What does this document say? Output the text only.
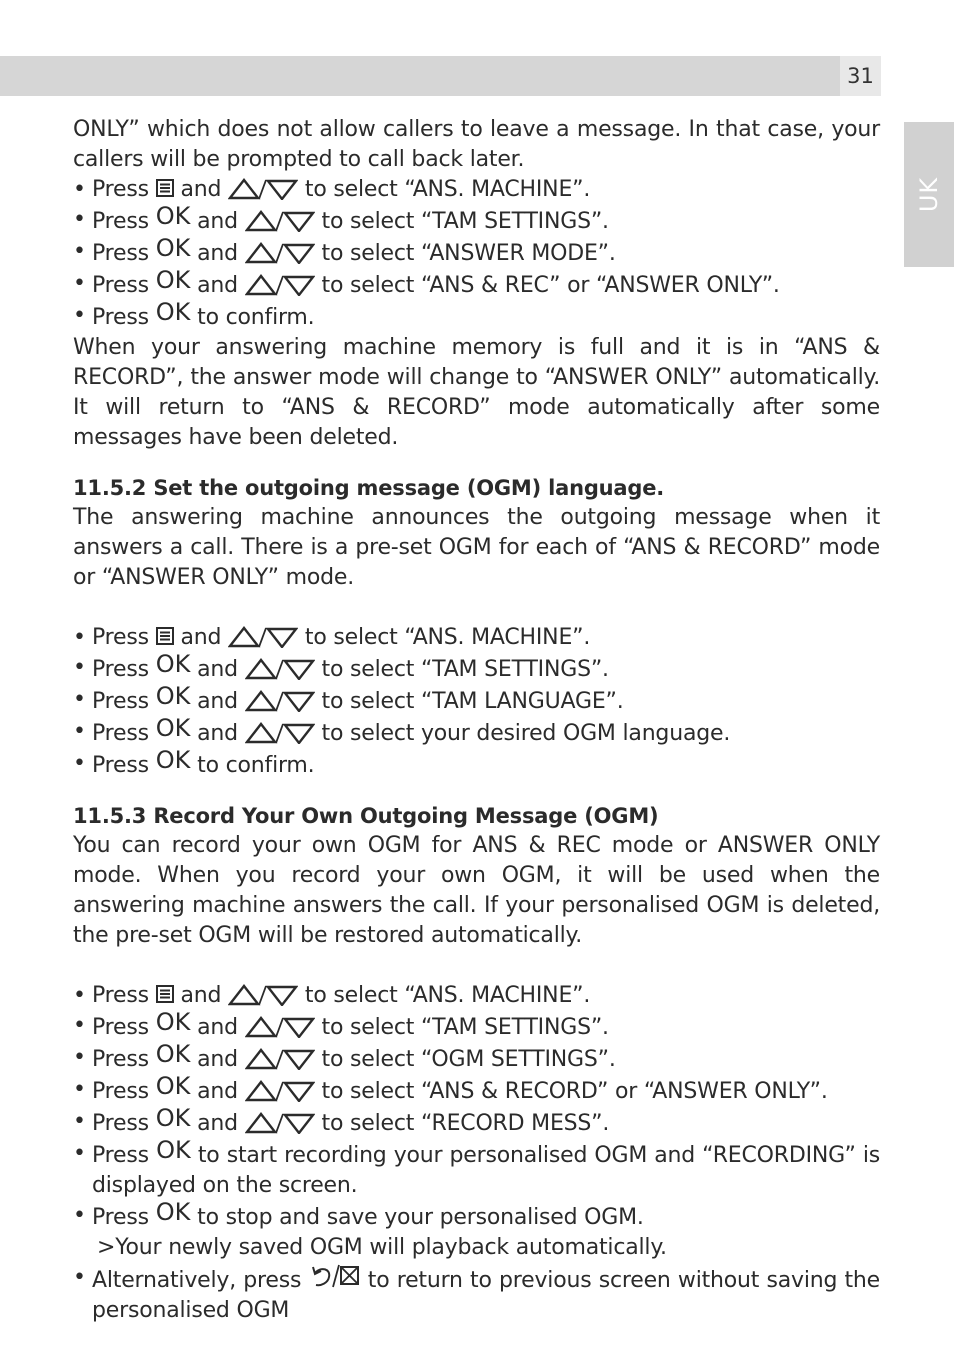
31
UK

ONLY” which does not allow callers to leave a message. In that case, your callers will be prompted to call back later.

• Press and	to select “ANS. MACHINE”.
• Press OK and	to select “TAM SETTINGS”.
• Press OK and	to select “ANSWER MODE”.
• Press OK and	to select “ANS & REC” or “ANSWER ONLY”.
• Press OK to confirm.

When your answering machine memory is full and it is in “ANS & RECORD”, the answer mode will change to “ANSWER ONLY” automatically. It will return to “ANS & RECORD” mode automatically after some messages have been deleted.

11.5.2 Set the outgoing message (OGM) language.

The answering machine announces the outgoing message when it answers a call. There is a pre-set OGM for each of “ANS & RECORD” mode or “ANSWER ONLY” mode.

• Press and	to select “ANS. MACHINE”.
• Press OK and	to select “TAM SETTINGS”.
• Press OK and	to select “TAM LANGUAGE”.
• Press OK and	to select your desired OGM language.
• Press OK to confirm.
11.5.3 Record Your Own Outgoing Message (OGM)

You can record your own OGM for ANS & REC mode or ANSWER ONLY mode. When you record your own OGM, it will be used when the answering machine answers the call. If your personalised OGM is deleted, the pre-set OGM will be restored automatically.

• Press and	to select “ANS. MACHINE”.
• Press OK and	to select “TAM SETTINGS”.
• Press OK and	to select “OGM SETTINGS”.
• Press OK and	to select “ANS & RECORD” or “ANSWER ONLY”.
• Press OK and	to select “RECORD MESS”.
• Press OK to start recording your personalised OGM and “RECORDING” is displayed on the screen.
• Press OK to stop and save your personalised OGM.
>Your newly saved OGM will playback automatically.
• Alternatively, press	to return to previous screen without saving the personalised OGM
